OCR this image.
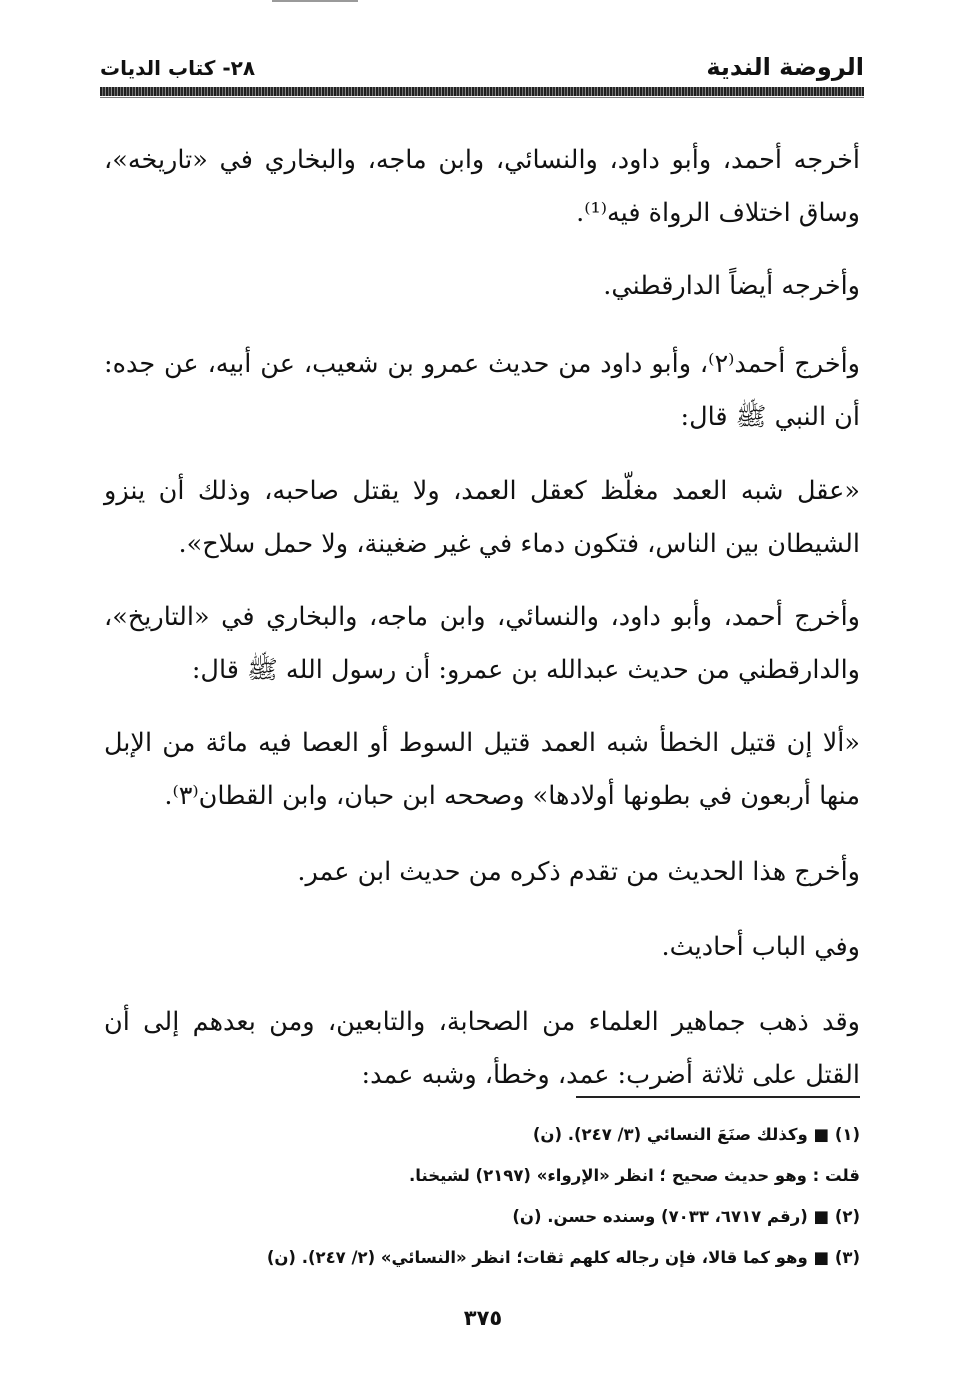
الروضة الندية
٢٨- كتاب الديات

أخرجه أحمد، وأبو داود، والنسائي، وابن ماجه، والبخاري في «تاريخه»، وساق اختلاف الرواة فيه⁽¹⁾.

وأخرجه أيضاً الدارقطني.

وأخرج أحمد⁽٢⁾، وأبو داود من حديث عمرو بن شعيب، عن أبيه، عن جده: أن النبي ﷺ قال:

«عقل شبه العمد مغلّظ كعقل العمد، ولا يقتل صاحبه، وذلك أن ينزو الشيطان بين الناس، فتكون دماء في غير ضغينة، ولا حمل سلاح».

وأخرج أحمد، وأبو داود، والنسائي، وابن ماجه، والبخاري في «التاريخ»، والدارقطني من حديث عبدالله بن عمرو: أن رسول الله ﷺ قال:

«ألا إن قتيل الخطأ شبه العمد قتيل السوط أو العصا فيه مائة من الإبل منها أربعون في بطونها أولادها» وصححه ابن حبان، وابن القطان⁽٣⁾.

وأخرج هذا الحديث من تقدم ذكره من حديث ابن عمر.

وفي الباب أحاديث.

وقد ذهب جماهير العلماء من الصحابة، والتابعين، ومن بعدهم إلى أن القتل على ثلاثة أضرب: عمد، وخطأ، وشبه عمد:

(١) ■ وكذلك صنَعَ النسائي (٣/ ٢٤٧). (ن)
قلت : وهو حديث صحيح ؛ انظر «الإرواء» (٢١٩٧) لشيخنا.
(٢) ■ (رقم ٦٧١٧، ٧٠٣٣) وسنده حسن. (ن)
(٣) ■ وهو كما قالا، فإن رجاله كلهم ثقات؛ انظر «النسائي» (٢/ ٢٤٧). (ن)
٣٧٥
